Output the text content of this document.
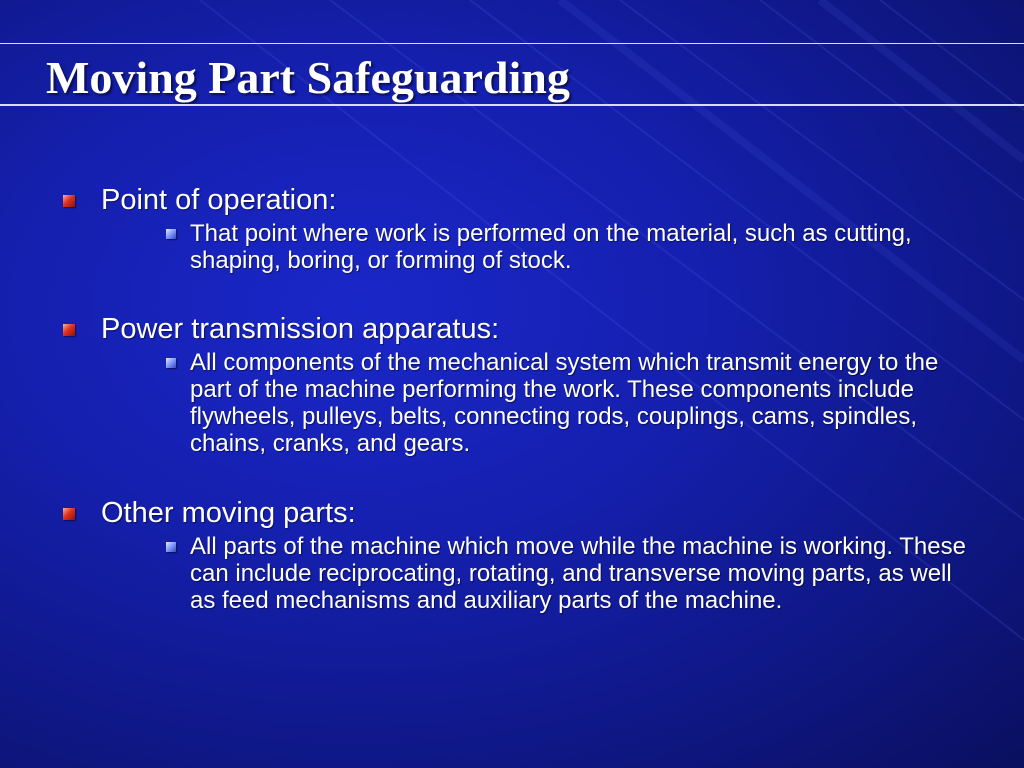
Moving Part Safeguarding
Point of operation:
That point where work is performed on the material, such as cutting, shaping, boring, or forming of stock.
Power transmission apparatus:
All components of the mechanical system which transmit energy to the part of the machine performing the work. These components include flywheels, pulleys, belts, connecting rods, couplings, cams, spindles, chains, cranks, and gears.
Other moving parts:
All parts of the machine which move while the machine is working. These can include reciprocating, rotating, and transverse moving parts, as well as feed mechanisms and auxiliary parts of the machine.
